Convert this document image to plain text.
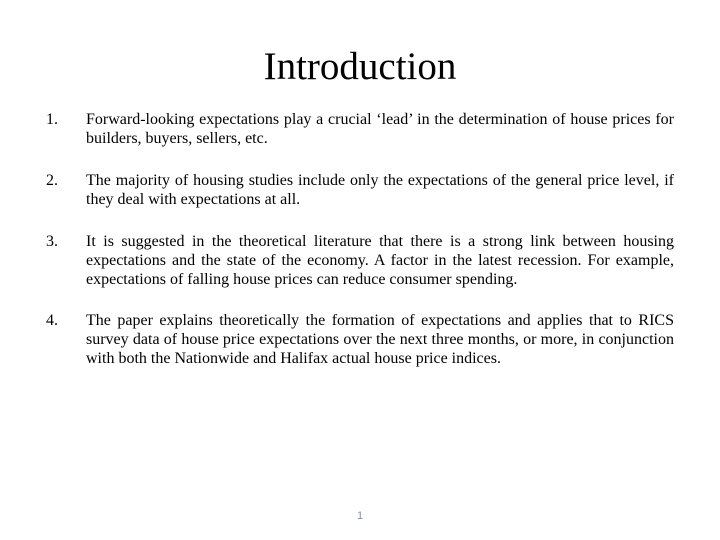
Introduction
1.	Forward-looking expectations play a crucial ‘lead’ in the determination of house prices for builders, buyers, sellers, etc.
2.	The majority of housing studies include only the expectations of the general price level, if they deal with expectations at all.
3.	It is suggested in the theoretical literature that there is a strong link between housing expectations and the state of the economy. A factor in the latest recession. For example, expectations of falling house prices can reduce consumer spending.
4.	The paper explains theoretically the formation of expectations and applies that to RICS survey data of house price expectations over the next three months, or more, in conjunction with both the Nationwide and Halifax actual house price indices.
1
